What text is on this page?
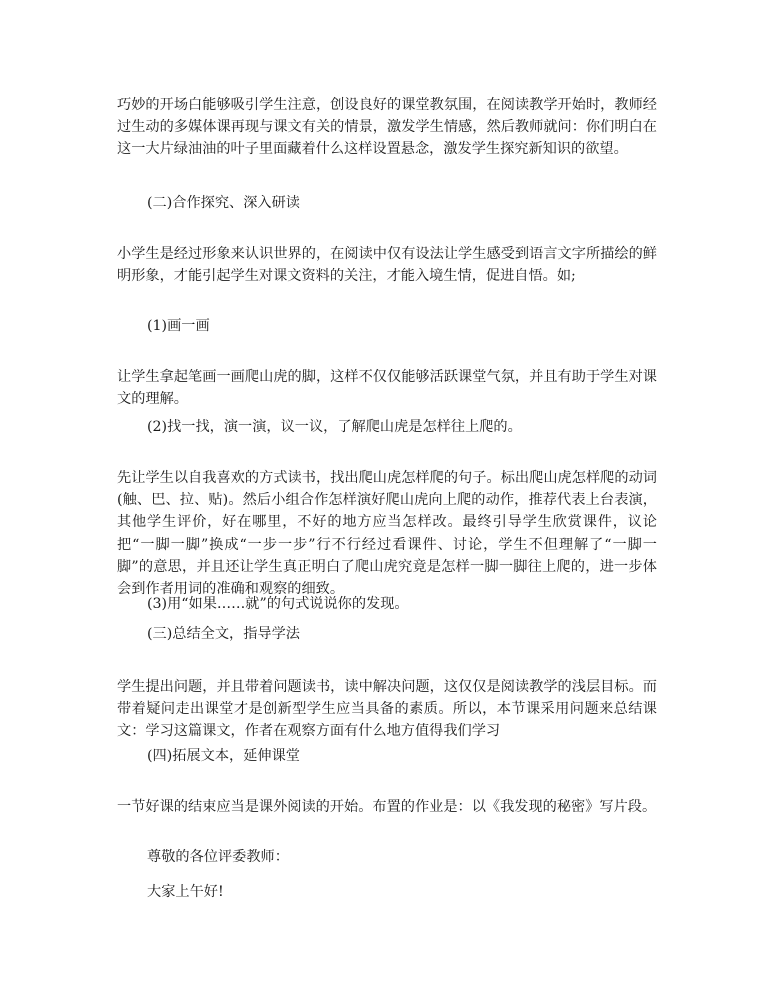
巧妙的开场白能够吸引学生注意，创设良好的课堂教氛围，在阅读教学开始时，教师经过生动的多媒体课再现与课文有关的情景，激发学生情感，然后教师就问：你们明白在这一大片绿油油的叶子里面藏着什么这样设置悬念，激发学生探究新知识的欲望。

(二)合作探究、深入研读

小学生是经过形象来认识世界的，在阅读中仅有设法让学生感受到语言文字所描绘的鲜明形象，才能引起学生对课文资料的关注，才能入境生情，促进自悟。如;

(1)画一画

让学生拿起笔画一画爬山虎的脚，这样不仅仅能够活跃课堂气氛，并且有助于学生对课文的理解。

(2)找一找，演一演，议一议，了解爬山虎是怎样往上爬的。

先让学生以自我喜欢的方式读书，找出爬山虎怎样爬的句子。标出爬山虎怎样爬的动词(触、巴、拉、贴)。然后小组合作怎样演好爬山虎向上爬的动作，推荐代表上台表演，其他学生评价，好在哪里，不好的地方应当怎样改。最终引导学生欣赏课件，议论把“一脚一脚”换成“一步一步”行不行经过看课件、讨论，学生不但理解了“一脚一脚”的意思，并且还让学生真正明白了爬山虎究竟是怎样一脚一脚往上爬的，进一步体会到作者用词的准确和观察的细致。

(3)用“如果……就”的句式说说你的发现。

(三)总结全文，指导学法

学生提出问题，并且带着问题读书，读中解决问题，这仅仅是阅读教学的浅层目标。而带着疑问走出课堂才是创新型学生应当具备的素质。所以，本节课采用问题来总结课文：学习这篇课文，作者在观察方面有什么地方值得我们学习

(四)拓展文本，延伸课堂

一节好课的结束应当是课外阅读的开始。布置的作业是：以《我发现的秘密》写片段。

尊敬的各位评委教师：

大家上午好!
